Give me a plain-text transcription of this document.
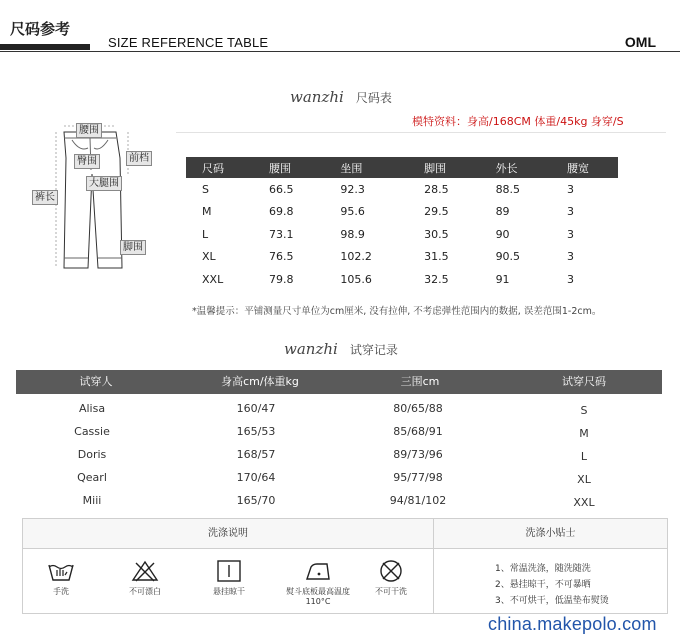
尺码参考
SIZE REFERENCE TABLE	OML
wanzhi 尺码表
模特资料：身高/168CM 体重/45kg 身穿/S
腰围
前档
臀围
大腿围
裤长
脚围
尺码	腰围	坐围	脚围	外长	腰宽
S	66.5	92.3	28.5	88.5	3
M	69.8	95.6	29.5	89	3
L	73.1	98.9	30.5	90	3
XL	76.5	102.2	31.5	90.5	3
XXL	79.8	105.6	32.5	91	3
*温馨提示：平铺测量尺寸单位为cm厘米, 没有拉伸, 不考虑弹性范围内的数据, 误差范围1-2cm。
wanzhi 试穿记录
试穿人	身高cm/体重kg	三围cm	试穿尺码
Alisa	160/47	80/65/88	S
Cassie	165/53	85/68/91	M
Doris	168/57	89/73/96	L
Qearl	170/64	95/77/98	XL
Miii	165/70	94/81/102	XXL
洗涤说明	洗涤小贴士
手洗	不可漂白	悬挂晾干	熨斗底板最高温度110°C
不可干洗
1、常温洗涤，随洗随洗
2、悬挂晾干，不可暴晒
3、不可烘干，低温垫布熨烫
china.makepolo.com
